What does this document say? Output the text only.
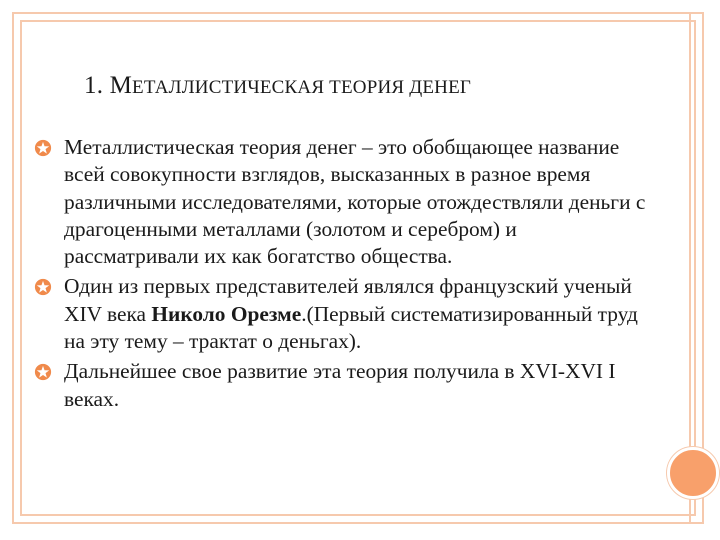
1. МЕТАЛЛИСТИЧЕСКАЯ ТЕОРИЯ ДЕНЕГ
Металлистическая теория денег – это обобщающее название всей совокупности взглядов, высказанных в разное время различными исследователями, которые отождествляли деньги с драгоценными металлами (золотом и серебром) и рассматривали их как богатство общества.
Один из первых представителей являлся французский ученый XIV века Николо Орезме.(Первый систематизированный труд на эту тему – трактат о деньгах).
Дальнейшее свое развитие эта теория получила в XVI-XVI I веках.
